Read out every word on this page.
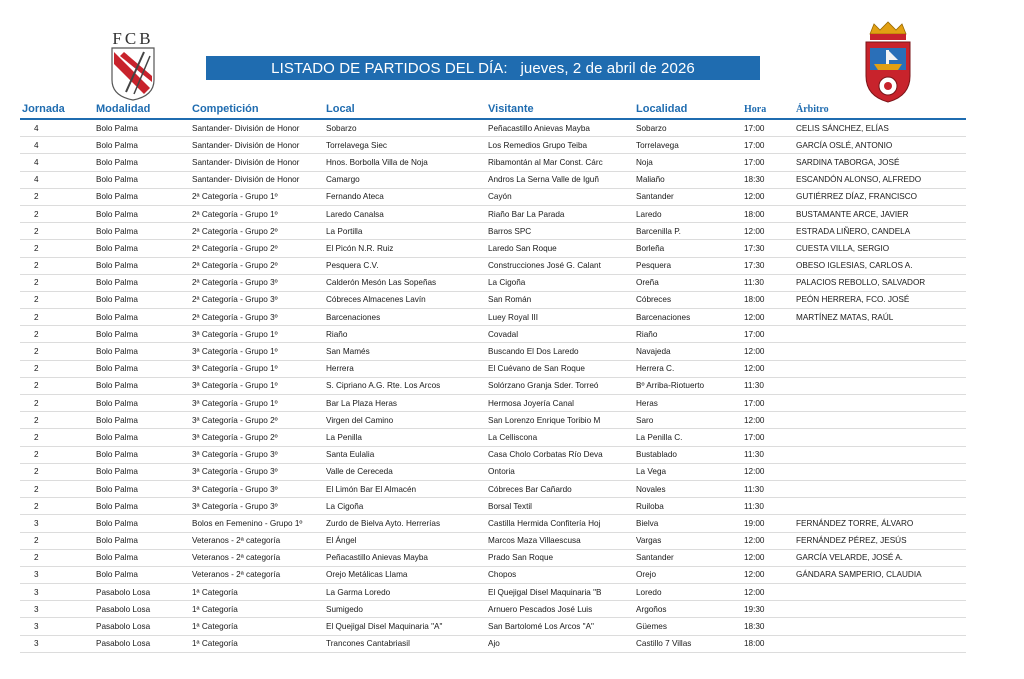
FCB
LISTADO DE PARTIDOS DEL DÍA:   jueves, 2 de abril de 2026
Jornada	Modalidad	Competición	Local	Visitante	Localidad	Hora	Árbitro
4	Bolo Palma	Santander- División de Honor	Sobarzo	Peñacastillo Anievas Mayba	Sobarzo	17:00	CELIS SÁNCHEZ, ELÍAS
4	Bolo Palma	Santander- División de Honor	Torrelavega Siec	Los Remedios Grupo Teiba	Torrelavega	17:00	GARCÍA OSLÉ, ANTONIO
4	Bolo Palma	Santander- División de Honor	Hnos. Borbolla Villa de Noja	Ribamontán al Mar Const. Cárc	Noja	17:00	SARDINA TABORGA, JOSÉ
4	Bolo Palma	Santander- División de Honor	Camargo	Andros La Serna Valle de Iguñ	Maliaño	18:30	ESCANDÓN ALONSO, ALFREDO
2	Bolo Palma	2ª Categoría - Grupo 1º	Fernando Ateca	Cayón	Santander	12:00	GUTIÉRREZ DÍAZ, FRANCISCO
2	Bolo Palma	2ª Categoría - Grupo 1º	Laredo Canalsa	Riaño Bar La Parada	Laredo	18:00	BUSTAMANTE ARCE, JAVIER
2	Bolo Palma	2ª Categoría - Grupo 2º	La Portilla	Barros SPC	Barcenilla P.	12:00	ESTRADA LIÑERO, CANDELA
2	Bolo Palma	2ª Categoría - Grupo 2º	El Picón N.R. Ruiz	Laredo San Roque	Borleña	17:30	CUESTA VILLA, SERGIO
2	Bolo Palma	2ª Categoría - Grupo 2º	Pesquera C.V.	Construcciones José G. Calant	Pesquera	17:30	OBESO IGLESIAS, CARLOS A.
2	Bolo Palma	2ª Categoría - Grupo 3º	Calderón Mesón Las Sopeñas	La Cigoña	Oreña	11:30	PALACIOS REBOLLO, SALVADOR
2	Bolo Palma	2ª Categoría - Grupo 3º	Cóbreces Almacenes Lavín	San Román	Cóbreces	18:00	PEÓN HERRERA, FCO. JOSÉ
2	Bolo Palma	2ª Categoría - Grupo 3º	Barcenaciones	Luey Royal III	Barcenaciones	12:00	MARTÍNEZ MATAS, RAÚL
2	Bolo Palma	3ª Categoría - Grupo 1º	Riaño	Covadal	Riaño	17:00	
2	Bolo Palma	3ª Categoría - Grupo 1º	San Mamés	Buscando El Dos Laredo	Navajeda	12:00	
2	Bolo Palma	3ª Categoría - Grupo 1º	Herrera	El Cuévano de San Roque	Herrera C.	12:00	
2	Bolo Palma	3ª Categoría - Grupo 1º	S. Cipriano A.G. Rte. Los Arcos	Solórzano Granja Sder. Torreó	Bº Arriba-Riotuerto	11:30	
2	Bolo Palma	3ª Categoría - Grupo 1º	Bar La Plaza Heras	Hermosa Joyería Canal	Heras	17:00	
2	Bolo Palma	3ª Categoría - Grupo 2º	Virgen del Camino	San Lorenzo Enrique Toribio M	Saro	12:00	
2	Bolo Palma	3ª Categoría - Grupo 2º	La Penilla	La Celliscona	La Penilla C.	17:00	
2	Bolo Palma	3ª Categoría - Grupo 3º	Santa Eulalia	Casa Cholo Corbatas Río Deva	Bustablado	11:30	
2	Bolo Palma	3ª Categoría - Grupo 3º	Valle de Cereceda	Ontoria	La Vega	12:00	
2	Bolo Palma	3ª Categoría - Grupo 3º	El Limón Bar El Almacén	Cóbreces Bar Cañardo	Novales	11:30	
2	Bolo Palma	3ª Categoría - Grupo 3º	La Cigoña	Borsal Textil	Ruiloba	11:30	
3	Bolo Palma	Bolos en Femenino - Grupo 1º	Zurdo de Bielva Ayto. Herrerías	Castilla Hermida Confitería Hoj	Bielva	19:00	FERNÁNDEZ TORRE, ÁLVARO
2	Bolo Palma	Veteranos - 2ª categoría	El Ángel	Marcos Maza Villaescusa	Vargas	12:00	FERNÁNDEZ PÉREZ, JESÚS
2	Bolo Palma	Veteranos - 2ª categoría	Peñacastillo Anievas Mayba	Prado San Roque	Santander	12:00	GARCÍA VELARDE, JOSÉ A.
3	Bolo Palma	Veteranos - 2ª categoría	Orejo Metálicas Llama	Chopos	Orejo	12:00	GÁNDARA SAMPERIO, CLAUDIA
3	Pasabolo Losa	1ª Categoría	La Garma Loredo	El Quejigal Disel Maquinaria "B	Loredo	12:00	
3	Pasabolo Losa	1ª Categoría	Sumigedo	Arnuero Pescados José Luis	Argoños	19:30	
3	Pasabolo Losa	1ª Categoría	El Quejigal Disel Maquinaria "A"	San Bartolomé Los Arcos "A"	Güemes	18:30	
3	Pasabolo Losa	1ª Categoría	Trancones Cantabriasil	Ajo	Castillo 7 Villas	18:00	
